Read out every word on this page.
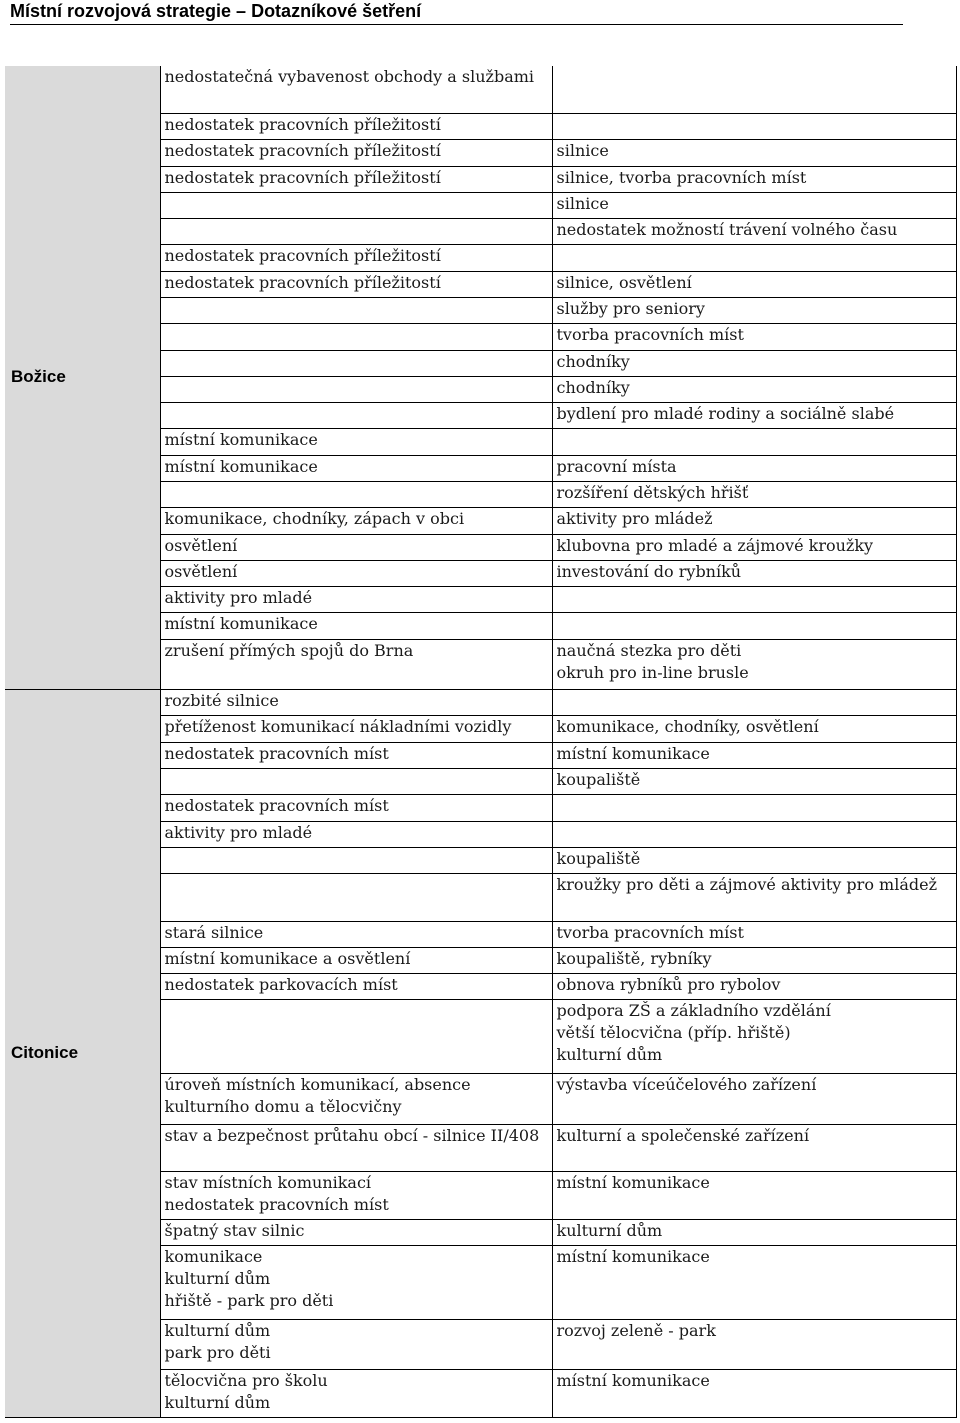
Místní rozvojová strategie – Dotazníkové šetření
Božice	nedostatečná vybavenost obchody a službami	

	nedostatek pracovních příležitostí	

	nedostatek pracovních příležitostí	silnice

	nedostatek pracovních příležitostí	silnice, tvorba pracovních míst

		silnice

		nedostatek možností trávení volného času

	nedostatek pracovních příležitostí	

	nedostatek pracovních příležitostí	silnice, osvětlení

		služby pro seniory

		tvorba pracovních míst

		chodníky

		chodníky

		bydlení pro mladé rodiny a sociálně slabé

	místní komunikace	

	místní komunikace	pracovní místa

		rozšíření dětských hřišť

	komunikace, chodníky, zápach v obci	aktivity pro mládež

	osvětlení	klubovna pro mladé a zájmové kroužky

	osvětlení	investování do rybníků

	aktivity pro mladé	

	místní komunikace	

	zrušení přímých spojů do Brna	naučná stezka pro děti
okruh pro in-line brusle

Citonice	rozbité silnice	

	přetíženost komunikací nákladními vozidly	komunikace, chodníky, osvětlení

	nedostatek pracovních míst	místní komunikace

		koupaliště

	nedostatek pracovních míst	

	aktivity pro mladé	

		koupaliště

		kroužky pro děti a zájmové aktivity pro mládež

	stará silnice	tvorba pracovních míst

	místní komunikace a osvětlení	koupaliště, rybníky

	nedostatek parkovacích míst	obnova rybníků pro rybolov

		podpora ZŠ a základního vzdělání
větší tělocvična (příp. hřiště)
kulturní dům

	úroveň místních komunikací, absence kulturního domu a tělocvičny	výstavba víceúčelového zařízení

	stav a bezpečnost průtahu obcí - silnice II/408	kulturní a společenské zařízení

	stav místních komunikací
nedostatek pracovních míst	místní komunikace

	špatný stav silnic	kulturní dům

	komunikace
kulturní dům
hřiště - park pro děti	místní komunikace

	kulturní dům
park pro děti	rozvoj zeleně - park

	tělocvična pro školu
kulturní dům	místní komunikace
